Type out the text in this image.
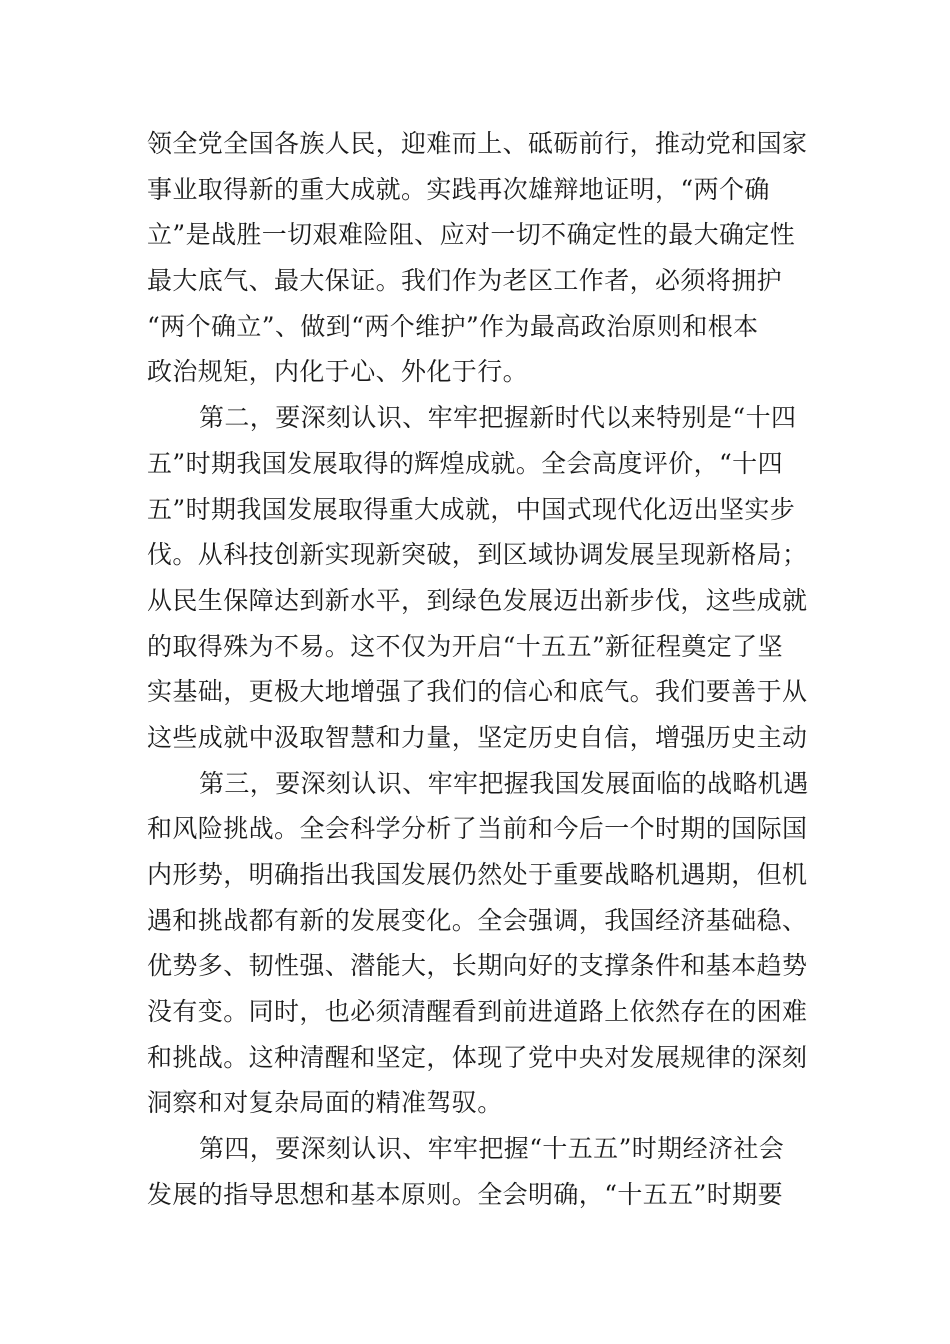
领全党全国各族人民，迎难而上、砥砺前行，推动党和国家
事业取得新的重大成就。实践再次雄辩地证明，“两个确
立”是战胜一切艰难险阻、应对一切不确定性的最大确定性
最大底气、最大保证。我们作为老区工作者，必须将拥护
“两个确立”、做到“两个维护”作为最高政治原则和根本
政治规矩，内化于心、外化于行。
第二，要深刻认识、牢牢把握新时代以来特别是“十四
五”时期我国发展取得的辉煌成就。全会高度评价，“十四
五”时期我国发展取得重大成就，中国式现代化迈出坚实步
伐。从科技创新实现新突破，到区域协调发展呈现新格局；
从民生保障达到新水平，到绿色发展迈出新步伐，这些成就
的取得殊为不易。这不仅为开启“十五五”新征程奠定了坚
实基础，更极大地增强了我们的信心和底气。我们要善于从
这些成就中汲取智慧和力量，坚定历史自信，增强历史主动
第三，要深刻认识、牢牢把握我国发展面临的战略机遇
和风险挑战。全会科学分析了当前和今后一个时期的国际国
内形势，明确指出我国发展仍然处于重要战略机遇期，但机
遇和挑战都有新的发展变化。全会强调，我国经济基础稳、
优势多、韧性强、潜能大，长期向好的支撑条件和基本趋势
没有变。同时，也必须清醒看到前进道路上依然存在的困难
和挑战。这种清醒和坚定，体现了党中央对发展规律的深刻
洞察和对复杂局面的精准驾驭。
第四，要深刻认识、牢牢把握“十五五”时期经济社会
发展的指导思想和基本原则。全会明确，“十五五”时期要
